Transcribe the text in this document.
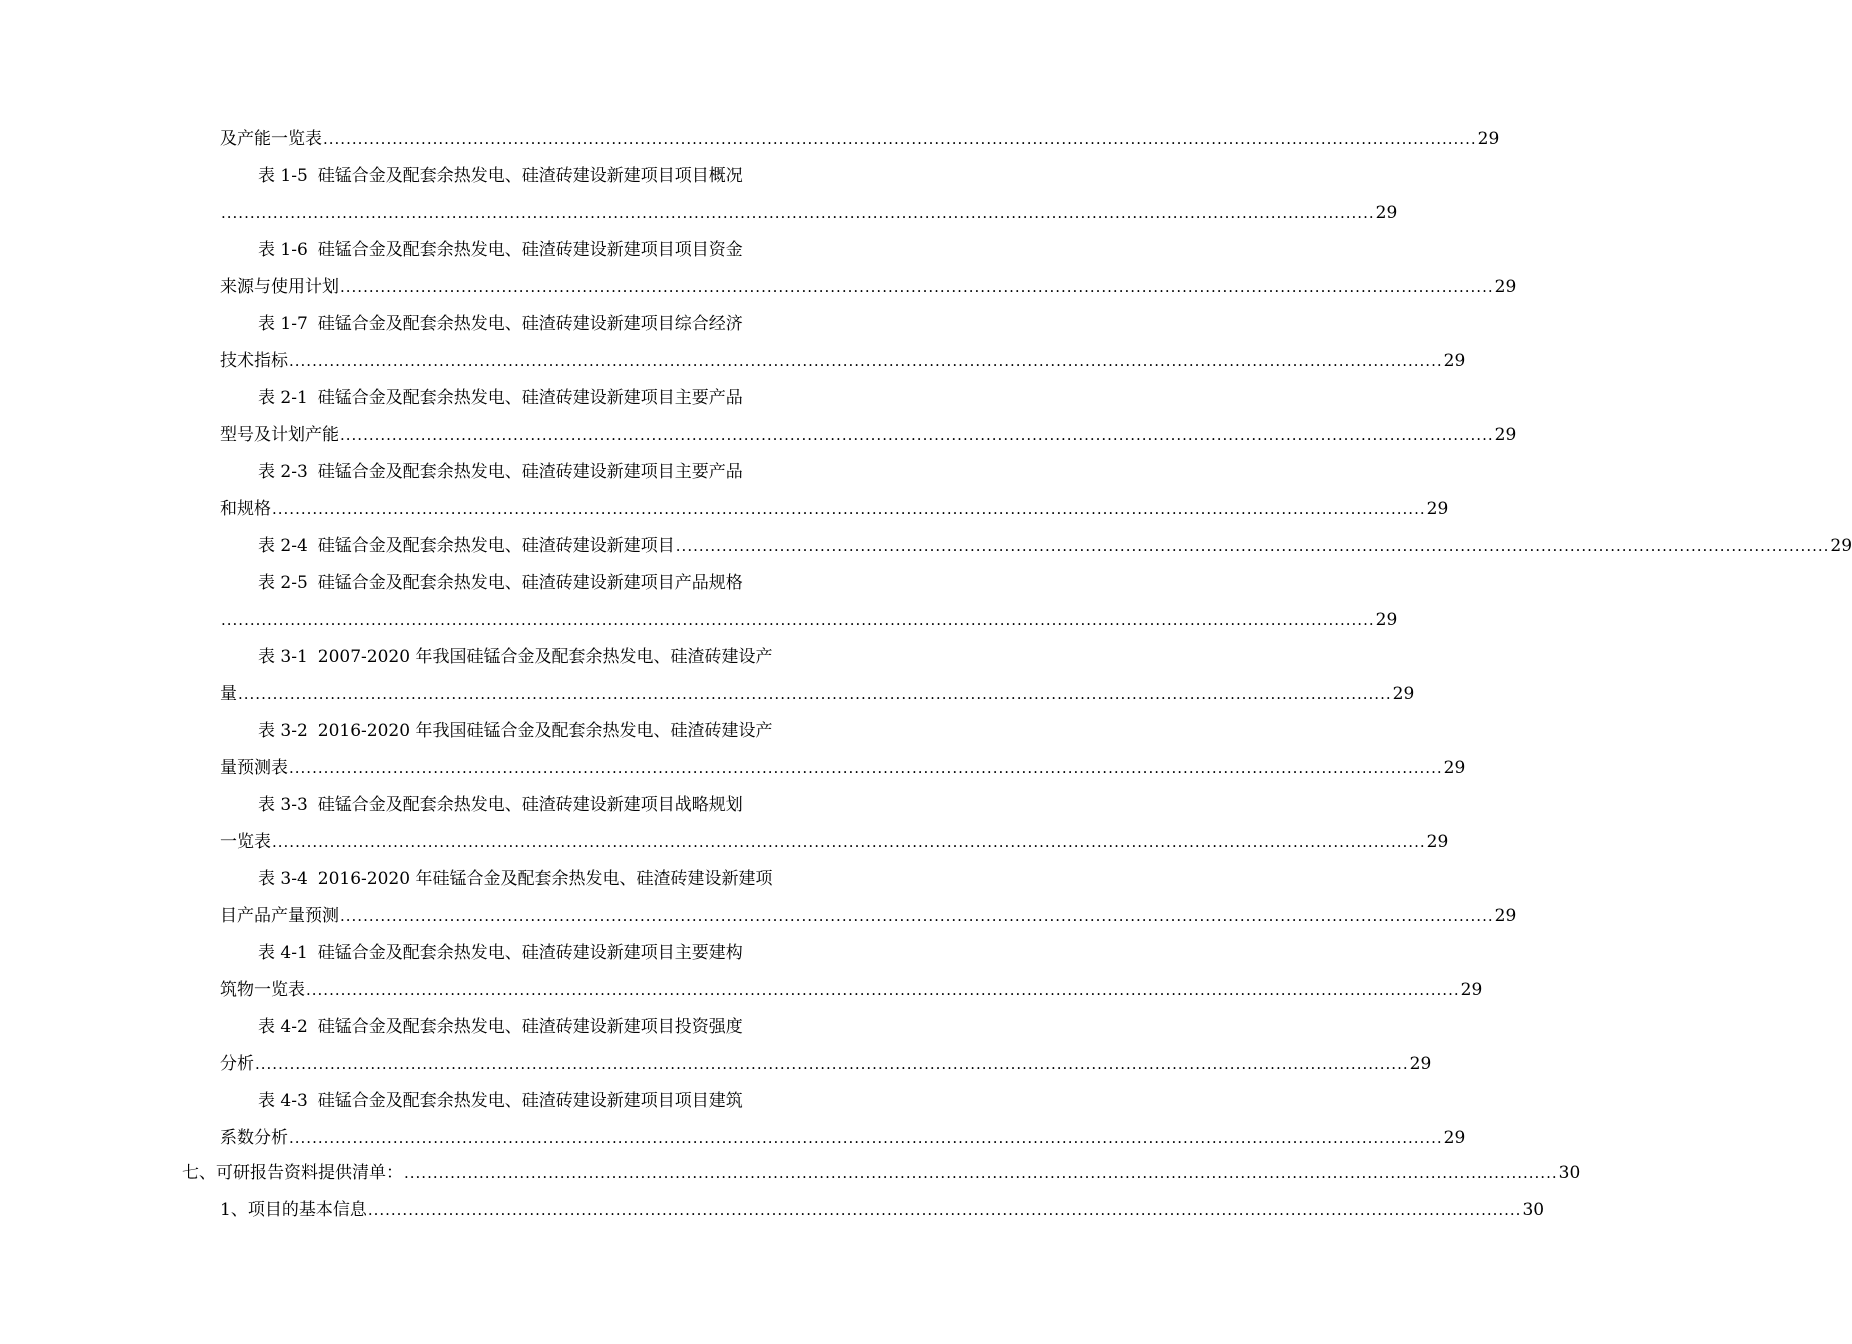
及产能一览表 ........................................................................................................................................................................................................ 29
表 1-5 硅锰合金及配套余热发电、硅渣砖建设新建项目项目概况
........................................................................................................................................................................................................ 29
表 1-6 硅锰合金及配套余热发电、硅渣砖建设新建项目项目资金
来源与使用计划 ........................................................................................................................................................................................................ 29
表 1-7 硅锰合金及配套余热发电、硅渣砖建设新建项目综合经济
技术指标 ........................................................................................................................................................................................................ 29
表 2-1 硅锰合金及配套余热发电、硅渣砖建设新建项目主要产品
型号及计划产能 ........................................................................................................................................................................................................ 29
表 2-3 硅锰合金及配套余热发电、硅渣砖建设新建项目主要产品
和规格 ........................................................................................................................................................................................................ 29
表 2-4 硅锰合金及配套余热发电、硅渣砖建设新建项目 ........................................................................................................................................................................................................ 29
表 2-5 硅锰合金及配套余热发电、硅渣砖建设新建项目产品规格
........................................................................................................................................................................................................ 29
表 3-1 2007-2020 年我国硅锰合金及配套余热发电、硅渣砖建设产
量 ........................................................................................................................................................................................................ 29
表 3-2 2016-2020 年我国硅锰合金及配套余热发电、硅渣砖建设产
量预测表 ........................................................................................................................................................................................................ 29
表 3-3 硅锰合金及配套余热发电、硅渣砖建设新建项目战略规划
一览表 ........................................................................................................................................................................................................ 29
表 3-4 2016-2020 年硅锰合金及配套余热发电、硅渣砖建设新建项
目产品产量预测 ........................................................................................................................................................................................................ 29
表 4-1 硅锰合金及配套余热发电、硅渣砖建设新建项目主要建构
筑物一览表 ........................................................................................................................................................................................................ 29
表 4-2 硅锰合金及配套余热发电、硅渣砖建设新建项目投资强度
分析 ........................................................................................................................................................................................................ 29
表 4-3 硅锰合金及配套余热发电、硅渣砖建设新建项目项目建筑
系数分析 ........................................................................................................................................................................................................ 29
七、可研报告资料提供清单： ........................................................................................................................................................................................................ 30
1、项目的基本信息 ........................................................................................................................................................................................................ 30
